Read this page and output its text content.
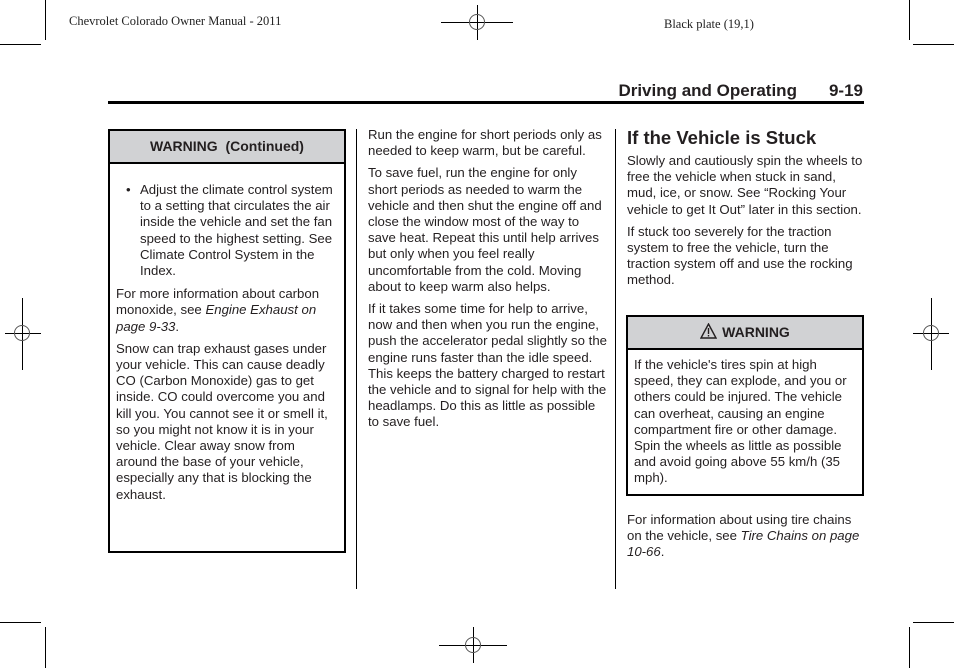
Chevrolet Colorado Owner Manual - 2011	Black plate (19,1)
Driving and Operating 9-19
WARNING  (Continued)
• Adjust the climate control system to a setting that circulates the air inside the vehicle and set the fan speed to the highest setting. See Climate Control System in the Index.

For more information about carbon monoxide, see Engine Exhaust on page 9-33.

Snow can trap exhaust gases under your vehicle. This can cause deadly CO (Carbon Monoxide) gas to get inside. CO could overcome you and kill you. You cannot see it or smell it, so you might not know it is in your vehicle. Clear away snow from around the base of your vehicle, especially any that is blocking the exhaust.

Run the engine for short periods only as needed to keep warm, but be careful.

To save fuel, run the engine for only short periods as needed to warm the vehicle and then shut the engine off and close the window most of the way to save heat. Repeat this until help arrives but only when you feel really uncomfortable from the cold. Moving about to keep warm also helps.

If it takes some time for help to arrive, now and then when you run the engine, push the accelerator pedal slightly so the engine runs faster than the idle speed. This keeps the battery charged to restart the vehicle and to signal for help with the headlamps. Do this as little as possible to save fuel.

If the Vehicle is Stuck

Slowly and cautiously spin the wheels to free the vehicle when stuck in sand, mud, ice, or snow. See “Rocking Your vehicle to get It Out” later in this section.

If stuck too severely for the traction system to free the vehicle, turn the traction system off and use the rocking method.

WARNING

If the vehicle's tires spin at high speed, they can explode, and you or others could be injured. The vehicle can overheat, causing an engine compartment fire or other damage. Spin the wheels as little as possible and avoid going above 55 km/h (35 mph).

For information about using tire chains on the vehicle, see Tire Chains on page 10-66.
